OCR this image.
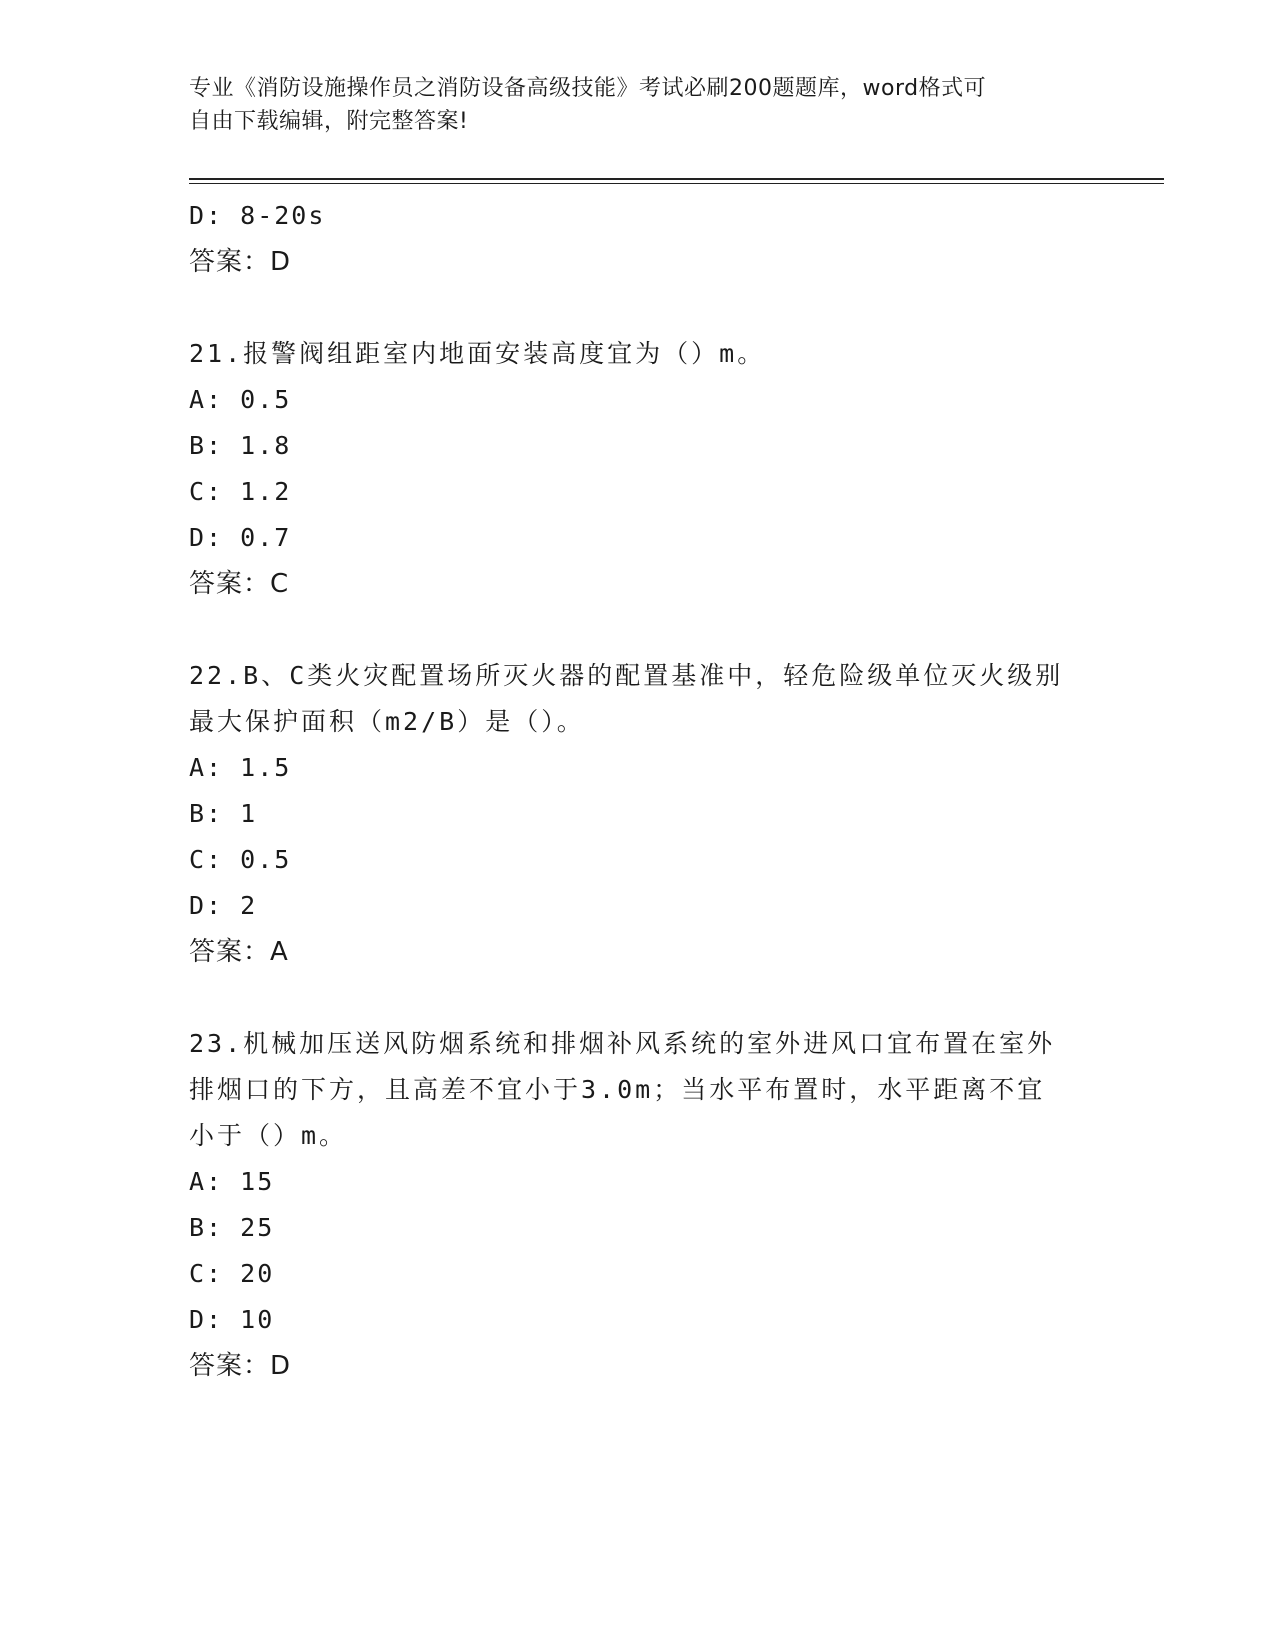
专业《消防设施操作员之消防设备高级技能》考试必刷200题题库，word格式可
自由下载编辑，附完整答案!
D: 8-20s
答案：D
21.报警阀组距室内地面安装高度宜为（）m。
A: 0.5
B: 1.8
C: 1.2
D: 0.7
答案：C
22.B、C类火灾配置场所灭火器的配置基准中，轻危险级单位灭火级别
最大保护面积（m2/B）是（）。
A: 1.5
B: 1
C: 0.5
D: 2
答案：A
23.机械加压送风防烟系统和排烟补风系统的室外进风口宜布置在室外
排烟口的下方，且高差不宜小于3.0m；当水平布置时，水平距离不宜
小于（）m。
A: 15
B: 25
C: 20
D: 10
答案：D
